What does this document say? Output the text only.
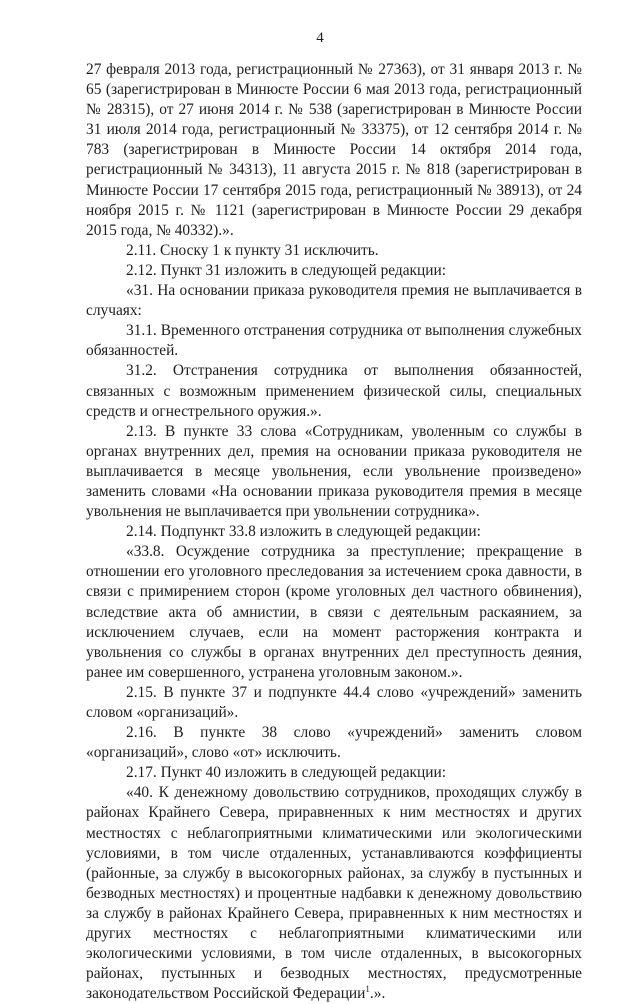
4

27 февраля 2013 года, регистрационный № 27363), от 31 января 2013 г. № 65 (зарегистрирован в Минюсте России 6 мая 2013 года, регистрационный № 28315), от 27 июня 2014 г. № 538 (зарегистрирован в Минюсте России 31 июля 2014 года, регистрационный № 33375), от 12 сентября 2014 г. № 783 (зарегистрирован в Минюсте России 14 октября 2014 года, регистрационный № 34313), 11 августа 2015 г. № 818 (зарегистрирован в Минюсте России 17 сентября 2015 года, регистрационный № 38913), от 24 ноября 2015 г. № 1121 (зарегистрирован в Минюсте России 29 декабря 2015 года, № 40332).».

2.11. Сноску 1 к пункту 31 исключить.

2.12. Пункт 31 изложить в следующей редакции:

«31. На основании приказа руководителя премия не выплачивается в случаях:

31.1. Временного отстранения сотрудника от выполнения служебных обязанностей.

31.2. Отстранения сотрудника от выполнения обязанностей, связанных с возможным применением физической силы, специальных средств и огнестрельного оружия.».

2.13. В пункте 33 слова «Сотрудникам, уволенным со службы в органах внутренних дел, премия на основании приказа руководителя не выплачивается в месяце увольнения, если увольнение произведено» заменить словами «На основании приказа руководителя премия в месяце увольнения не выплачивается при увольнении сотрудника».

2.14. Подпункт 33.8 изложить в следующей редакции:

«33.8. Осуждение сотрудника за преступление; прекращение в отношении его уголовного преследования за истечением срока давности, в связи с примирением сторон (кроме уголовных дел частного обвинения), вследствие акта об амнистии, в связи с деятельным раскаянием, за исключением случаев, если на момент расторжения контракта и увольнения со службы в органах внутренних дел преступность деяния, ранее им совершенного, устранена уголовным законом.».

2.15. В пункте 37 и подпункте 44.4 слово «учреждений» заменить словом «организаций».

2.16. В пункте 38 слово «учреждений» заменить словом «организаций», слово «от» исключить.

2.17. Пункт 40 изложить в следующей редакции:

«40. К денежному довольствию сотрудников, проходящих службу в районах Крайнего Севера, приравненных к ним местностях и других местностях с неблагоприятными климатическими или экологическими условиями, в том числе отдаленных, устанавливаются коэффициенты (районные, за службу в высокогорных районах, за службу в пустынных и безводных местностях) и процентные надбавки к денежному довольствию за службу в районах Крайнего Севера, приравненных к ним местностях и других местностях с неблагоприятными климатическими или экологическими условиями, в том числе отдаленных, в высокогорных районах, пустынных и безводных местностях, предусмотренные законодательством Российской Федерации$^1$.».
